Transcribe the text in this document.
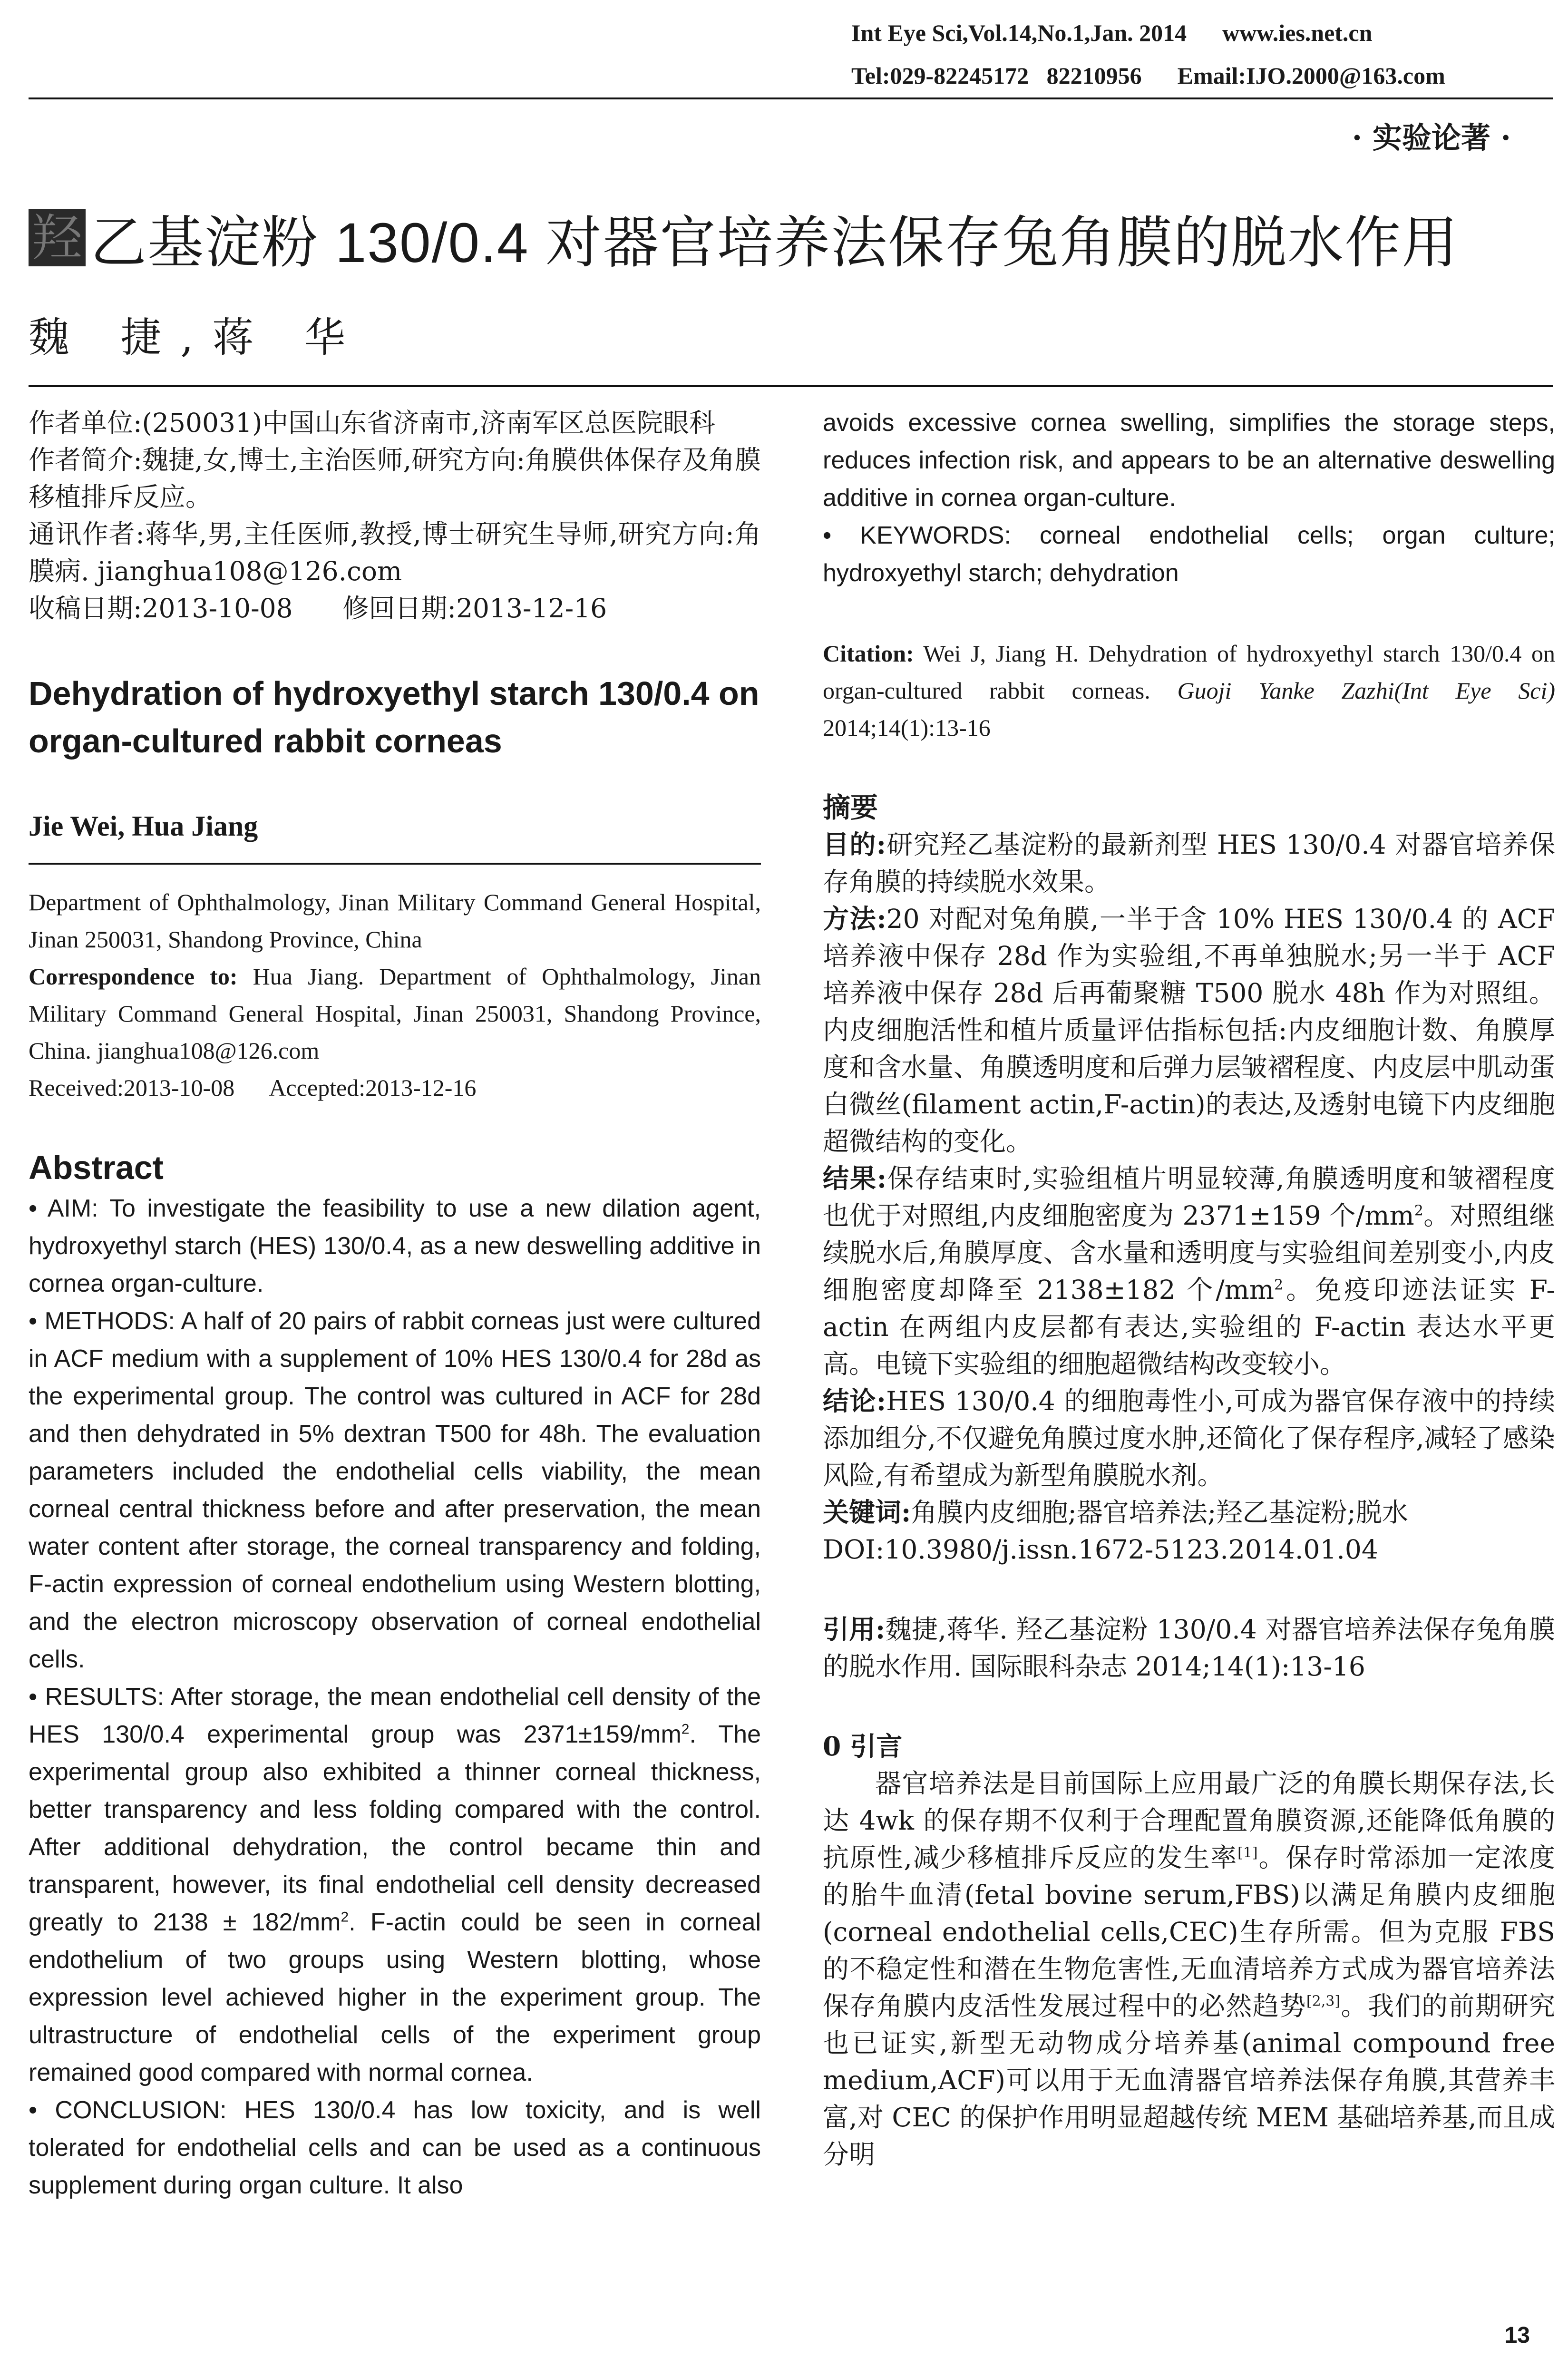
Int Eye Sci,Vol.14,No.1,Jan. 2014      www.ies.net.cn
Tel:029-82245172   82210956      Email:IJO.2000@163.com
· 实验论著 ·
羟 乙基淀粉 130/0.4 对器官培养法保存兔角膜的脱水作用
魏 捷,蒋 华

作者单位:(250031)中国山东省济南市,济南军区总医院眼科

作者简介:魏捷,女,博士,主治医师,研究方向:角膜供体保存及角膜移植排斥反应。

通讯作者:蒋华,男,主任医师,教授,博士研究生导师,研究方向:角膜病. jianghua108@126.com

收稿日期:2013-10-08      修回日期:2013-12-16

Dehydration of hydroxyethyl starch 130/0.4 on organ-cultured rabbit corneas

Jie Wei, Hua Jiang

Department of Ophthalmology, Jinan Military Command General Hospital, Jinan 250031, Shandong Province, China

Correspondence to: Hua Jiang. Department of Ophthalmology, Jinan Military Command General Hospital, Jinan 250031, Shandong Province, China. jianghua108@126.com

Received:2013-10-08      Accepted:2013-12-16

Abstract

• AIM: To investigate the feasibility to use a new dilation agent, hydroxyethyl starch (HES) 130/0.4, as a new deswelling additive in cornea organ-culture.

• METHODS: A half of 20 pairs of rabbit corneas just were cultured in ACF medium with a supplement of 10% HES 130/0.4 for 28d as the experimental group. The control was cultured in ACF for 28d and then dehydrated in 5% dextran T500 for 48h. The evaluation parameters included the endothelial cells viability, the mean corneal central thickness before and after preservation, the mean water content after storage, the corneal transparency and folding, F-actin expression of corneal endothelium using Western blotting, and the electron microscopy observation of corneal endothelial cells.

• RESULTS: After storage, the mean endothelial cell density of the HES 130/0.4 experimental group was $2371\pm 159/mm^2$. The experimental group also exhibited a thinner corneal thickness, better transparency and less folding compared with the control. After additional dehydration, the control became thin and transparent, however, its final endothelial cell density decreased greatly to $2138 \pm 182/mm^2$. F-actin could be seen in corneal endothelium of two groups using Western blotting, whose expression level achieved higher in the experiment group. The ultrastructure of endothelial cells of the experiment group remained good compared with normal cornea.

• CONCLUSION: HES 130/0.4 has low toxicity, and is well tolerated for endothelial cells and can be used as a continuous supplement during organ culture. It also

avoids excessive cornea swelling, simplifies the storage steps, reduces infection risk, and appears to be an alternative deswelling additive in cornea organ-culture.

• KEYWORDS: corneal endothelial cells; organ culture; hydroxyethyl starch; dehydration

Citation: Wei J, Jiang H. Dehydration of hydroxyethyl starch 130/0.4 on organ-cultured rabbit corneas. Guoji Yanke Zazhi(Int Eye Sci) 2014;14(1):13-16

摘要

目的:研究羟乙基淀粉的最新剂型 HES 130/0.4 对器官培养保存角膜的持续脱水效果。

方法:20 对配对兔角膜,一半于含 10% HES 130/0.4 的 ACF 培养液中保存 28d 作为实验组,不再单独脱水;另一半于 ACF 培养液中保存 28d 后再葡聚糖 T500 脱水 48h 作为对照组。内皮细胞活性和植片质量评估指标包括:内皮细胞计数、角膜厚度和含水量、角膜透明度和后弹力层皱褶程度、内皮层中肌动蛋白微丝(filament actin,F-actin)的表达,及透射电镜下内皮细胞超微结构的变化。

结果:保存结束时,实验组植片明显较薄,角膜透明度和皱褶程度也优于对照组,内皮细胞密度为 2371±159 个$/mm^2$。对照组继续脱水后,角膜厚度、含水量和透明度与实验组间差别变小,内皮细胞密度却降至 2138±182 个$/mm^2$。免疫印迹法证实 F-actin 在两组内皮层都有表达,实验组的 F-actin 表达水平更高。电镜下实验组的细胞超微结构改变较小。

结论:HES 130/0.4 的细胞毒性小,可成为器官保存液中的持续添加组分,不仅避免角膜过度水肿,还简化了保存程序,减轻了感染风险,有希望成为新型角膜脱水剂。

关键词:角膜内皮细胞;器官培养法;羟乙基淀粉;脱水

DOI:10.3980/j.issn.1672-5123.2014.01.04

引用:魏捷,蒋华. 羟乙基淀粉 130/0.4 对器官培养法保存兔角膜的脱水作用. 国际眼科杂志 2014;14(1):13-16

0 引言

器官培养法是目前国际上应用最广泛的角膜长期保存法,长达 4wk 的保存期不仅利于合理配置角膜资源,还能降低角膜的抗原性,减少移植排斥反应的发生率[1]。保存时常添加一定浓度的胎牛血清(fetal bovine serum,FBS)以满足角膜内皮细胞(corneal endothelial cells,CEC)生存所需。但为克服 FBS 的不稳定性和潜在生物危害性,无血清培养方式成为器官培养法保存角膜内皮活性发展过程中的必然趋势[2,3]。我们的前期研究也已证实,新型无动物成分培养基(animal compound free medium,ACF)可以用于无血清器官培养法保存角膜,其营养丰富,对 CEC 的保护作用明显超越传统 MEM 基础培养基,而且成分明

13
